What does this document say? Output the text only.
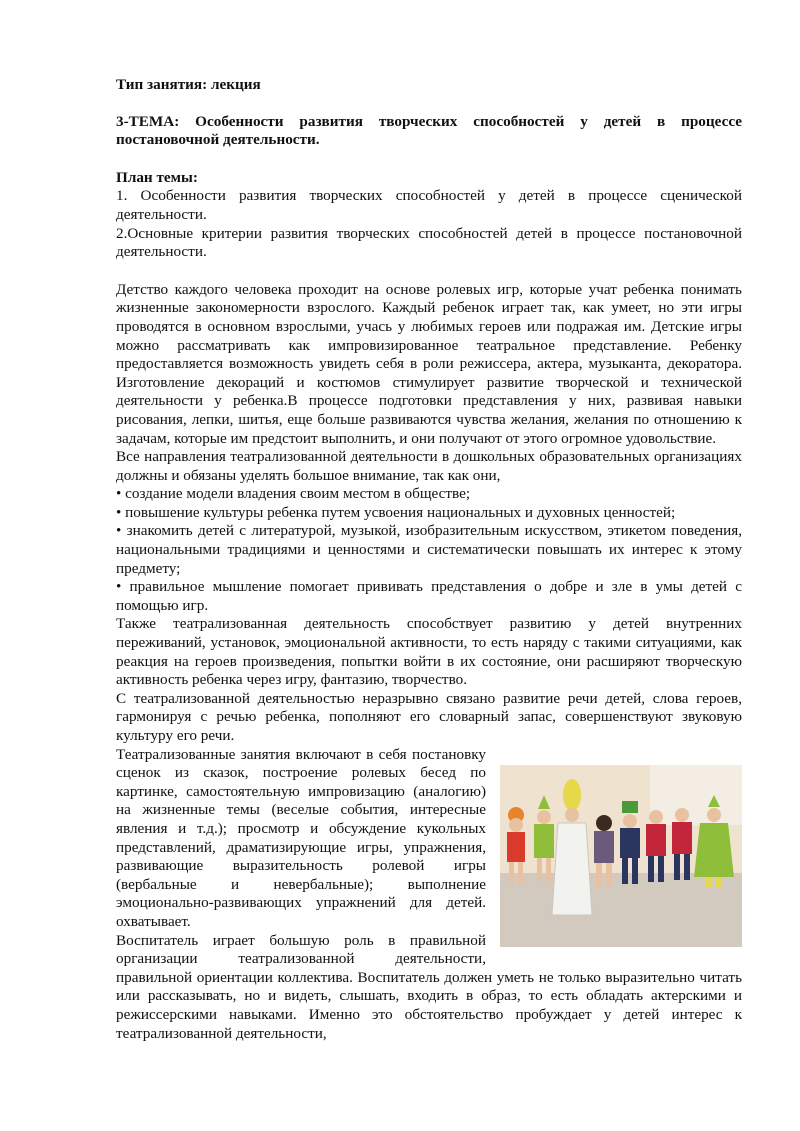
Тип занятия: лекция

3-ТЕМА: Особенности развития творческих способностей у детей в процессе постановочной деятельности.

План темы:

1. Особенности развития творческих способностей у детей в процессе сценической деятельности.

2.Основные критерии развития творческих способностей детей в процессе постановочной деятельности.

Детство каждого человека проходит на основе ролевых игр, которые учат ребенка понимать жизненные закономерности взрослого. Каждый ребенок играет так, как умеет, но эти игры проводятся в основном взрослыми, учась у любимых героев или подражая им. Детские игры можно рассматривать как импровизированное театральное представление. Ребенку предоставляется возможность увидеть себя в роли режиссера, актера, музыканта, декоратора. Изготовление декораций и костюмов стимулирует развитие творческой и технической деятельности у ребенка.В процессе подготовки представления у них, развивая навыки рисования, лепки, шитья, еще больше развиваются чувства желания, желания по отношению к задачам, которые им предстоит выполнить, и они получают от этого огромное удовольствие.

Все направления театрализованной деятельности в дошкольных образовательных организациях должны и обязаны уделять большое внимание, так как они,

• создание модели владения своим местом в обществе;

• повышение культуры ребенка путем усвоения национальных и духовных ценностей;

• знакомить детей с литературой, музыкой, изобразительным искусством, этикетом поведения, национальными традициями и ценностями и систематически повышать их интерес к этому предмету;

• правильное мышление помогает прививать представления о добре и зле в умы детей с помощью игр.

Также театрализованная деятельность способствует развитию у детей внутренних переживаний, установок, эмоциональной активности, то есть наряду с такими ситуациями, как реакция на героев произведения, попытки войти в их состояние, они расширяют творческую активность ребенка через игру, фантазию, творчество.

С театрализованной деятельностью неразрывно связано развитие речи детей, слова героев, гармонируя с речью ребенка, пополняют его словарный запас, совершенствуют звуковую культуру его речи.

Театрализованные занятия включают в себя постановку сценок из сказок, построение ролевых бесед по картинке, самостоятельную импровизацию (аналогию) на жизненные темы (веселые события, интересные явления и т.д.); просмотр и обсуждение кукольных представлений, драматизирующие игры, упражнения, развивающие выразительность ролевой игры (вербальные и невербальные); выполнение эмоционально-развивающих упражнений для детей. охватывает.

Воспитатель играет большую роль в правильной организации театрализованной деятельности, правильной ориентации коллектива. Воспитатель должен уметь не только выразительно читать или рассказывать, но и видеть, слышать, входить в образ, то есть обладать актерскими и режиссерскими навыками. Именно это обстоятельство пробуждает у детей интерес к театрализованной деятельности,
